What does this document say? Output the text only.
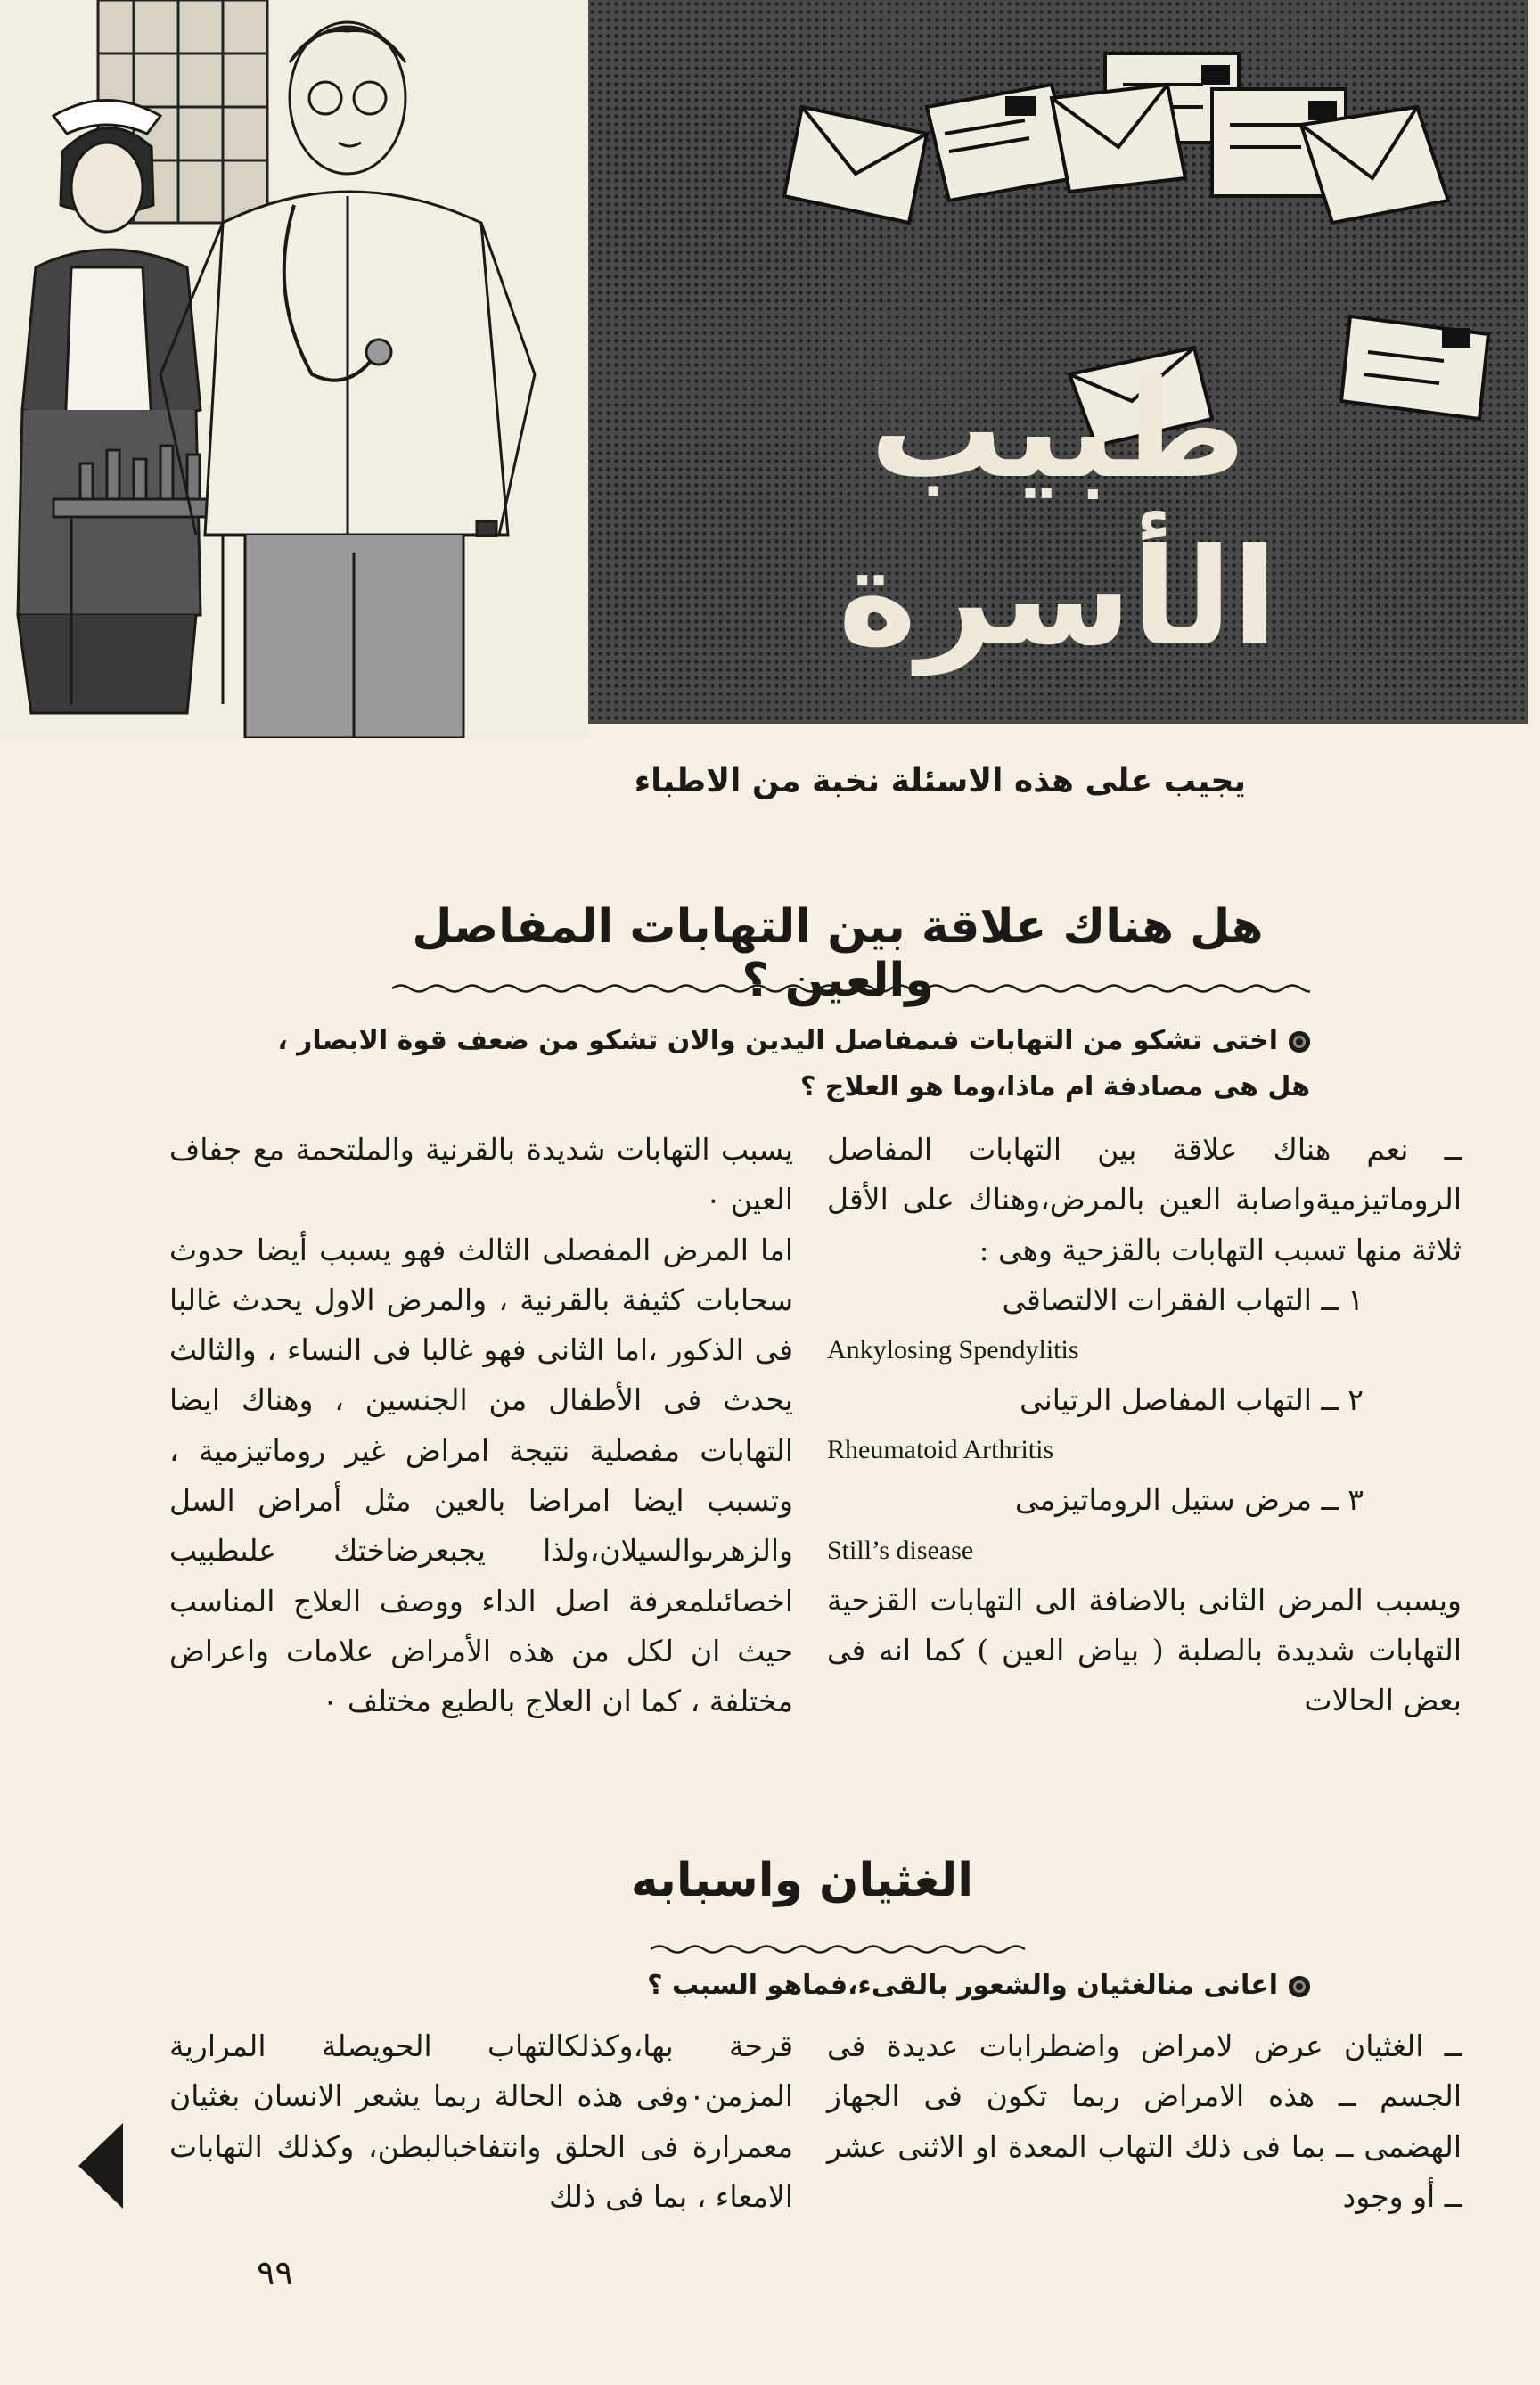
طبيب
الأسرة
يجيب على هذه الاسئلة نخبة من الاطباء
هل هناك علاقة بين التهابات المفاصل والعين ؟
اختى تشكو من التهابات فىمفاصل اليدين والان تشكو من ضعف قوة الابصار ، هل هى مصادفة ام ماذا،وما هو العلاج ؟

ــ نعم هناك علاقة بين التهابات المفاصل الروماتيزميةواصابة العين بالمرض،وهناك على الأقل ثلاثة منها تسبب التهابات بالقزحية وهى :

١ ــ التهاب الفقرات الالتصاقى

Ankylosing Spendylitis

٢ ــ التهاب المفاصل الرتيانى

Rheumatoid Arthritis

٣ ــ مرض ستيل الروماتيزمى

Still’s disease

ويسبب المرض الثانى بالاضافة الى التهابات القزحية التهابات شديدة بالصلبة ( بياض العين ) كما انه فى بعض الحالات

يسبب التهابات شديدة بالقرنية والملتحمة مع جفاف العين ٠

اما المرض المفصلى الثالث فهو يسبب أيضا حدوث سحابات كثيفة بالقرنية ، والمرض الاول يحدث غالبا فى الذكور ،اما الثانى فهو غالبا فى النساء ، والثالث يحدث فى الأطفال من الجنسين ، وهناك ايضا التهابات مفصلية نتيجة امراض غير روماتيزمية ، وتسبب ايضا امراضا بالعين مثل أمراض السل والزهرىوالسيلان،ولذا يجبعرضاختك علىطبيب اخصائىلمعرفة اصل الداء ووصف العلاج المناسب حيث ان لكل من هذه الأمراض علامات واعراض مختلفة ، كما ان العلاج بالطبع مختلف ٠

الغثيان واسبابه
اعانى منالغثيان والشعور بالقىء،فماهو السبب ؟

ــ الغثيان عرض لامراض واضطرابات عديدة فى الجسم ــ هذه الامراض ربما تكون فى الجهاز الهضمى ــ بما فى ذلك التهاب المعدة او الاثنى عشر ــ أو وجود

قرحة بها،وكذلكالتهاب الحويصلة المرارية المزمن٠وفى هذه الحالة ربما يشعر الانسان بغثيان معمرارة فى الحلق وانتفاخبالبطن، وكذلك التهابات الامعاء ، بما فى ذلك

٩٩
